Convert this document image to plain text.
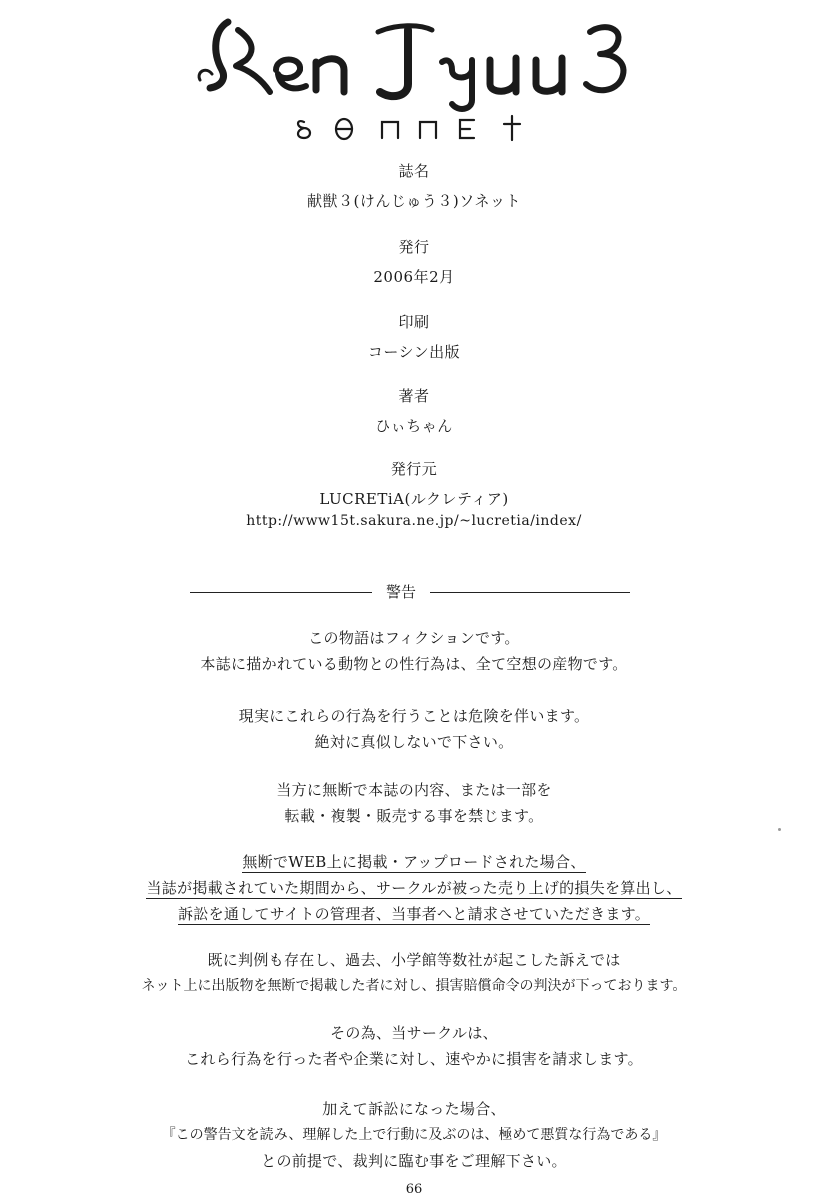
誌名
献獣３(けんじゅう３)ソネット
発行
2006年2月
印刷
コーシン出版
著者
ひぃちゃん
発行元
LUCRETiA(ルクレティア)
http://www15t.sakura.ne.jp/~lucretia/index/
警告
この物語はフィクションです。
本誌に描かれている動物との性行為は、全て空想の産物です。
現実にこれらの行為を行うことは危険を伴います。
絶対に真似しないで下さい。
当方に無断で本誌の内容、または一部を
転載・複製・販売する事を禁じます。
無断でWEB上に掲載・アップロードされた場合、
当誌が掲載されていた期間から、サークルが被った売り上げ的損失を算出し、
訴訟を通してサイトの管理者、当事者へと請求させていただきます。
既に判例も存在し、過去、小学館等数社が起こした訴えでは
ネット上に出版物を無断で掲載した者に対し、損害賠償命令の判決が下っております。
その為、当サークルは、
これら行為を行った者や企業に対し、速やかに損害を請求します。
加えて訴訟になった場合、
『この警告文を読み、理解した上で行動に及ぶのは、極めて悪質な行為である』
との前提で、裁判に臨む事をご理解下さい。
66
